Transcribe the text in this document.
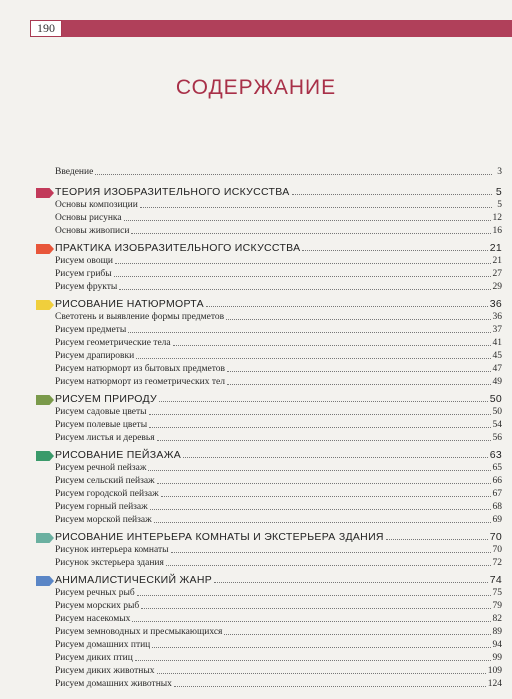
190
СОДЕРЖАНИЕ
Введение	3
ТЕОРИЯ ИЗОБРАЗИТЕЛЬНОГО ИСКУССТВА	5
Основы композиции	5
Основы рисунка	12
Основы живописи	16
ПРАКТИКА ИЗОБРАЗИТЕЛЬНОГО ИСКУССТВА	21
Рисуем овощи	21
Рисуем грибы	27
Рисуем фрукты	29
РИСОВАНИЕ НАТЮРМОРТА	36
Светотень и выявление формы предметов	36
Рисуем предметы	37
Рисуем геометрические тела	41
Рисуем драпировки	45
Рисуем натюрморт из бытовых предметов	47
Рисуем натюрморт из геометрических тел	49
РИСУЕМ ПРИРОДУ	50
Рисуем садовые цветы	50
Рисуем полевые цветы	54
Рисуем листья и деревья	56
РИСОВАНИЕ ПЕЙЗАЖА	63
Рисуем речной пейзаж	65
Рисуем сельский пейзаж	66
Рисуем городской пейзаж	67
Рисуем горный пейзаж	68
Рисуем морской пейзаж	69
РИСОВАНИЕ ИНТЕРЬЕРА КОМНАТЫ И ЭКСТЕРЬЕРА ЗДАНИЯ	70
Рисунок интерьера комнаты	70
Рисунок экстерьера здания	72
АНИМАЛИСТИЧЕСКИЙ ЖАНР	74
Рисуем речных рыб	75
Рисуем морских рыб	79
Рисуем насекомых	82
Рисуем земноводных и пресмыкающихся	89
Рисуем домашних птиц	94
Рисуем диких птиц	99
Рисуем диких животных	109
Рисуем домашних животных	124
